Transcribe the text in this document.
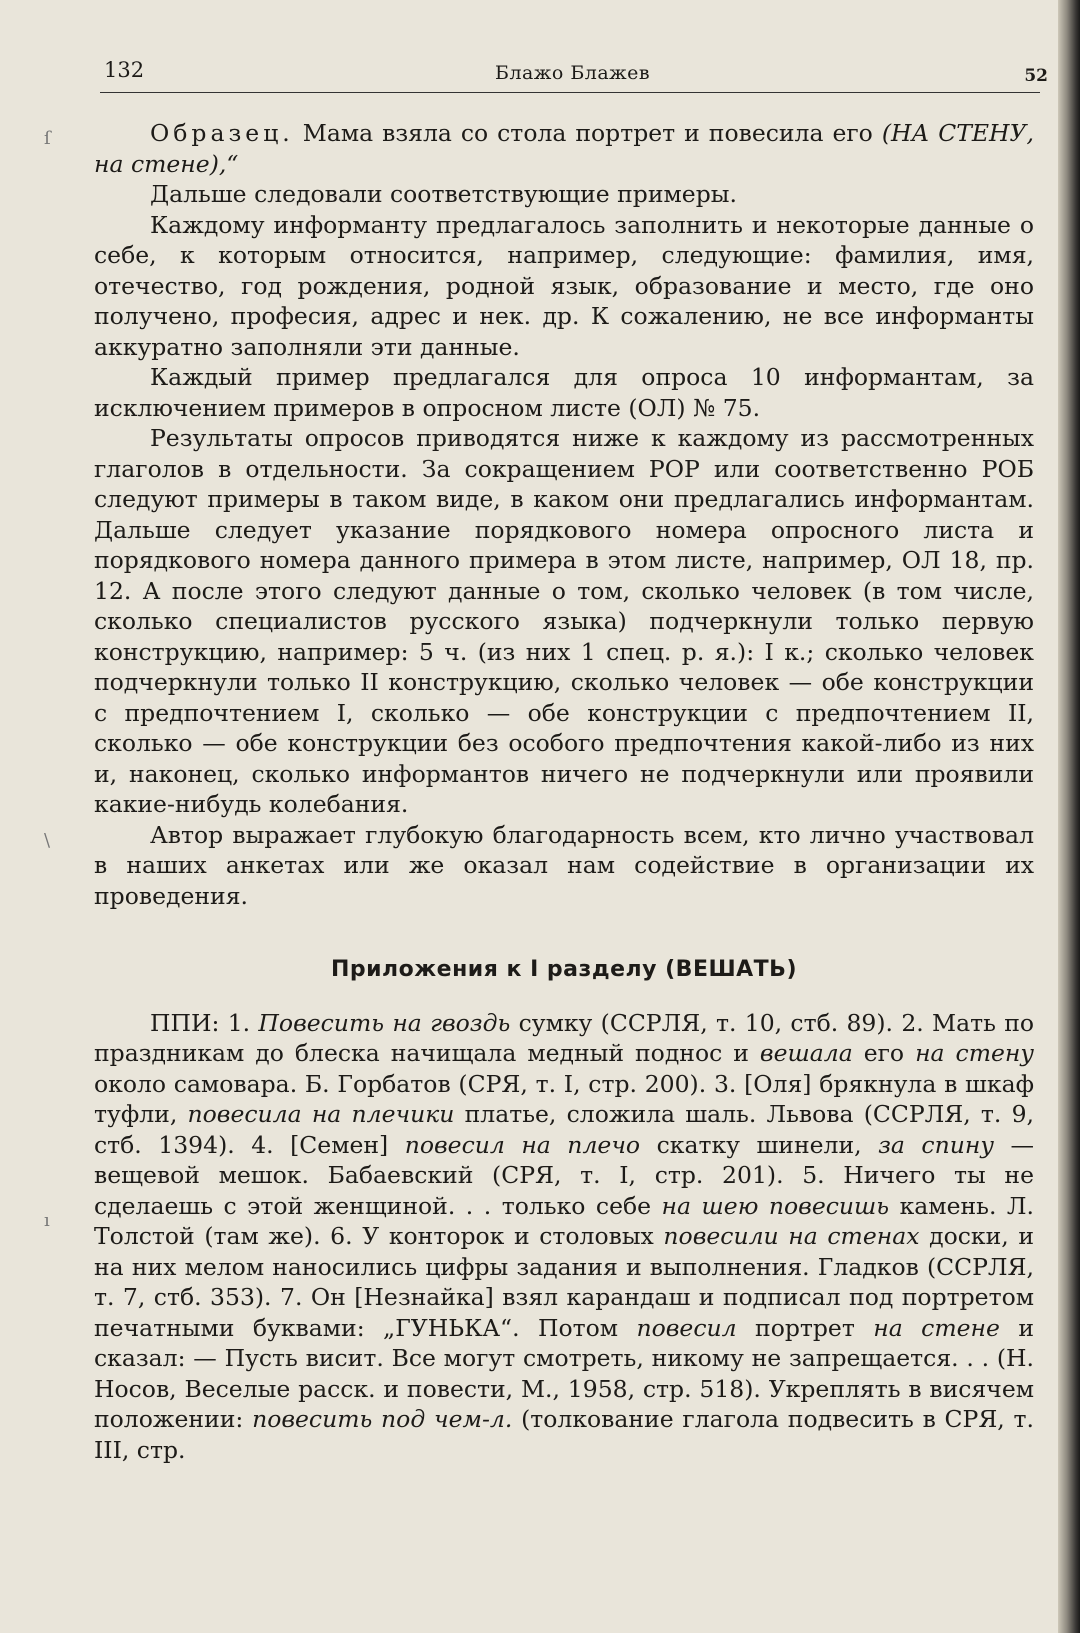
132	Блажо Блажев	52
ſ
\
ı

Образец. Мама взяла со стола портрет и повесила его (НА СТЕНУ, на стене),“

Дальше следовали соответствующие примеры.

Каждому информанту предлагалось заполнить и некоторые данные о себе, к которым относится, например, следующие: фамилия, имя, отечество, год рождения, родной язык, образование и место, где оно получено, професия, адрес и нек. др. К сожалению, не все информанты аккуратно заполняли эти данные.

Каждый пример предлагался для опроса 10 информантам, за исключением примеров в опросном листе (ОЛ) № 75.

Результаты опросов приводятся ниже к каждому из рассмотренных глаголов в отдельности. За сокращением РОР или соответственно РОБ следуют примеры в таком виде, в каком они предлагались информантам. Дальше следует указание порядкового номера опросного листа и порядкового номера данного примера в этом листе, например, ОЛ 18, пр. 12. А после этого следуют данные о том, сколько человек (в том числе, сколько специалистов русского языка) подчеркнули только первую конструкцию, например: 5 ч. (из них 1 спец. р. я.): I к.; сколько человек подчеркнули только II конструкцию, сколько человек — обе конструкции с предпочтением I, сколько — обе конструкции с предпочтением II, сколько — обе конструкции без особого предпочтения какой-либо из них и, наконец, сколько информантов ничего не подчеркнули или проявили какие-нибудь колебания.

Автор выражает глубокую благодарность всем, кто лично участвовал в наших анкетах или же оказал нам содействие в организации их проведения.

Приложения к I разделу (ВЕШАТЬ)

ППИ: 1. Повесить на гвоздь сумку (ССРЛЯ, т. 10, стб. 89). 2. Мать по праздникам до блеска начищала медный поднос и вешала его на стену около самовара. Б. Горбатов (СРЯ, т. I, стр. 200). 3. [Оля] брякнула в шкаф туфли, повесила на плечики платье, сложила шаль. Львова (ССРЛЯ, т. 9, стб. 1394). 4. [Семен] повесил на плечо скатку шинели, за спину — вещевой мешок. Бабаевский (СРЯ, т. I, стр. 201). 5. Ничего ты не сделаешь с этой женщиной. . . только себе на шею повесишь камень. Л. Толстой (там же). 6. У конторок и столовых повесили на стенах доски, и на них мелом наносились цифры задания и выполнения. Гладков (ССРЛЯ, т. 7, стб. 353). 7. Он [Незнайка] взял карандаш и подписал под портретом печатными буквами: „ГУНЬКА“. Потом повесил портрет на стене и сказал: — Пусть висит. Все могут смотреть, никому не запрещается. . . (Н. Носов, Веселые расск. и повести, М., 1958, стр. 518). Укреплять в висячем положении: повесить под чем-л. (толкование глагола подвесить в СРЯ, т. III, стр.
